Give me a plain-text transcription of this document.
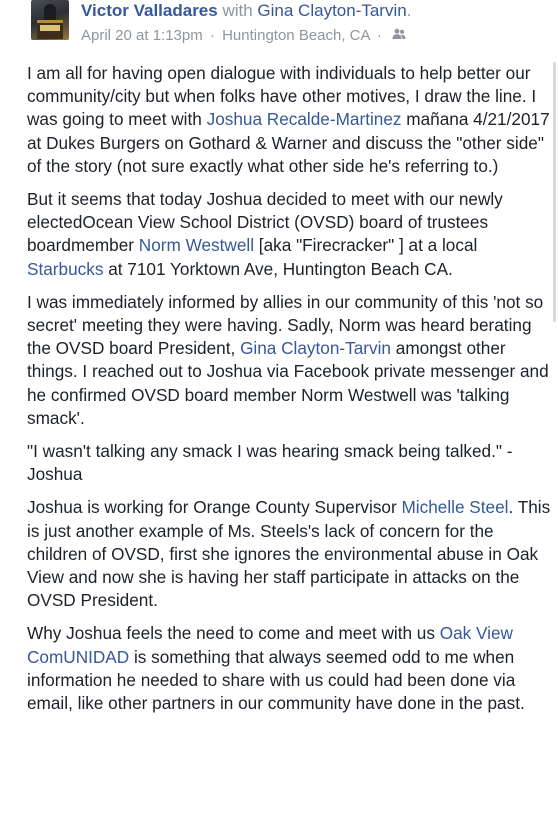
Victor Valladares with Gina Clayton-Tarvin.
April 20 at 1:13pm · Huntington Beach, CA ·

I am all for having open dialogue with individuals to help better our community/city but when folks have other motives, I draw the line. I was going to meet with Joshua Recalde-Martinez mañana 4/21/2017 at Dukes Burgers on Gothard & Warner and discuss the "other side" of the story (not sure exactly what other side he's referring to.)

But it seems that today Joshua decided to meet with our newly electedOcean View School District (OVSD) board of trustees boardmember Norm Westwell [aka "Firecracker" ] at a local Starbucks at 7101 Yorktown Ave, Huntington Beach CA.

I was immediately informed by allies in our community of this 'not so secret' meeting they were having. Sadly, Norm was heard berating the OVSD board President, Gina Clayton-Tarvin amongst other things. I reached out to Joshua via Facebook private messenger and he confirmed OVSD board member Norm Westwell was 'talking smack'.

"I wasn't talking any smack I was hearing smack being talked." -Joshua

Joshua is working for Orange County Supervisor Michelle Steel. This is just another example of Ms. Steels's lack of concern for the children of OVSD, first she ignores the environmental abuse in Oak View and now she is having her staff participate in attacks on the OVSD President.

Why Joshua feels the need to come and meet with us Oak View ComUNIDAD is something that always seemed odd to me when information he needed to share with us could had been done via email, like other partners in our community have done in the past.
